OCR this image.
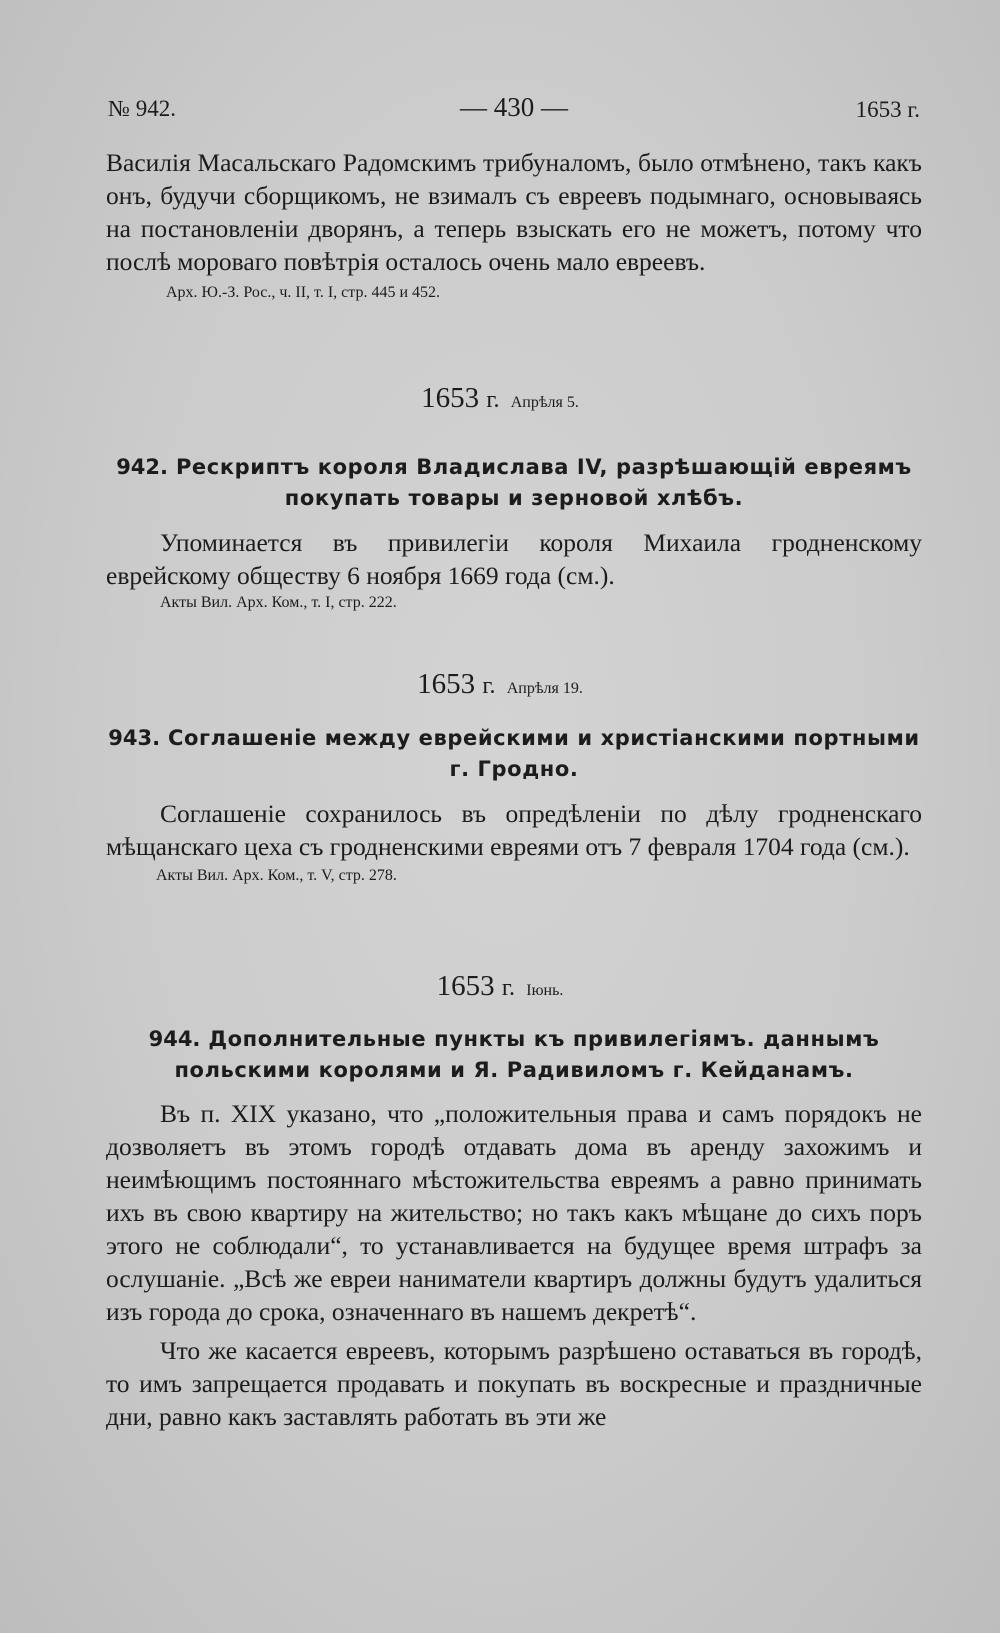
№ 942.	— 430 —	1653 г.

Василія Масальскаго Радомскимъ трибуналомъ, было отмѣнено, такъ какъ онъ, будучи сборщикомъ, не взималъ съ евреевъ подымнаго, основываясь на постановленіи дворянъ, а теперь взыскать его не можетъ, потому что послѣ мороваго повѣтрія осталось очень мало евреевъ.

Арх. Ю.-З. Рос., ч. II, т. I, стр. 445 и 452.

1653 г. Апрѣля 5.

942. Рескриптъ короля Владислава IV, разрѣшающій евреямъ покупать товары и зерновой хлѣбъ.

Упоминается въ привилегіи короля Михаила гродненскому еврейскому обществу 6 ноября 1669 года (см.).

Акты Вил. Арх. Ком., т. I, стр. 222.

1653 г. Апрѣля 19.

943. Соглашеніе между еврейскими и христіанскими портными г. Гродно.

Соглашеніе сохранилось въ опредѣленіи по дѣлу гродненскаго мѣщанскаго цеха съ гродненскими евреями отъ 7 февраля 1704 года (см.).

Акты Вил. Арх. Ком., т. V, стр. 278.

1653 г. Іюнь.

944. Дополнительные пункты къ привилегіямъ. даннымъ польскими королями и Я. Радивиломъ г. Кейданамъ.

Въ п. XIX указано, что „положительныя права и самъ порядокъ не дозволяетъ въ этомъ городѣ отдавать дома въ аренду захожимъ и неимѣющимъ постояннаго мѣстожительства евреямъ а равно принимать ихъ въ свою квартиру на жительство; но такъ какъ мѣщане до сихъ поръ этого не соблюдали“, то устанавливается на будущее время штрафъ за ослушаніе. „Всѣ же евреи наниматели квартиръ должны будутъ удалиться изъ города до срока, означеннаго въ нашемъ декретѣ“.

Что же касается евреевъ, которымъ разрѣшено оставаться въ городѣ, то имъ запрещается продавать и покупать въ воскресные и праздничные дни, равно какъ заставлять работать въ эти же
